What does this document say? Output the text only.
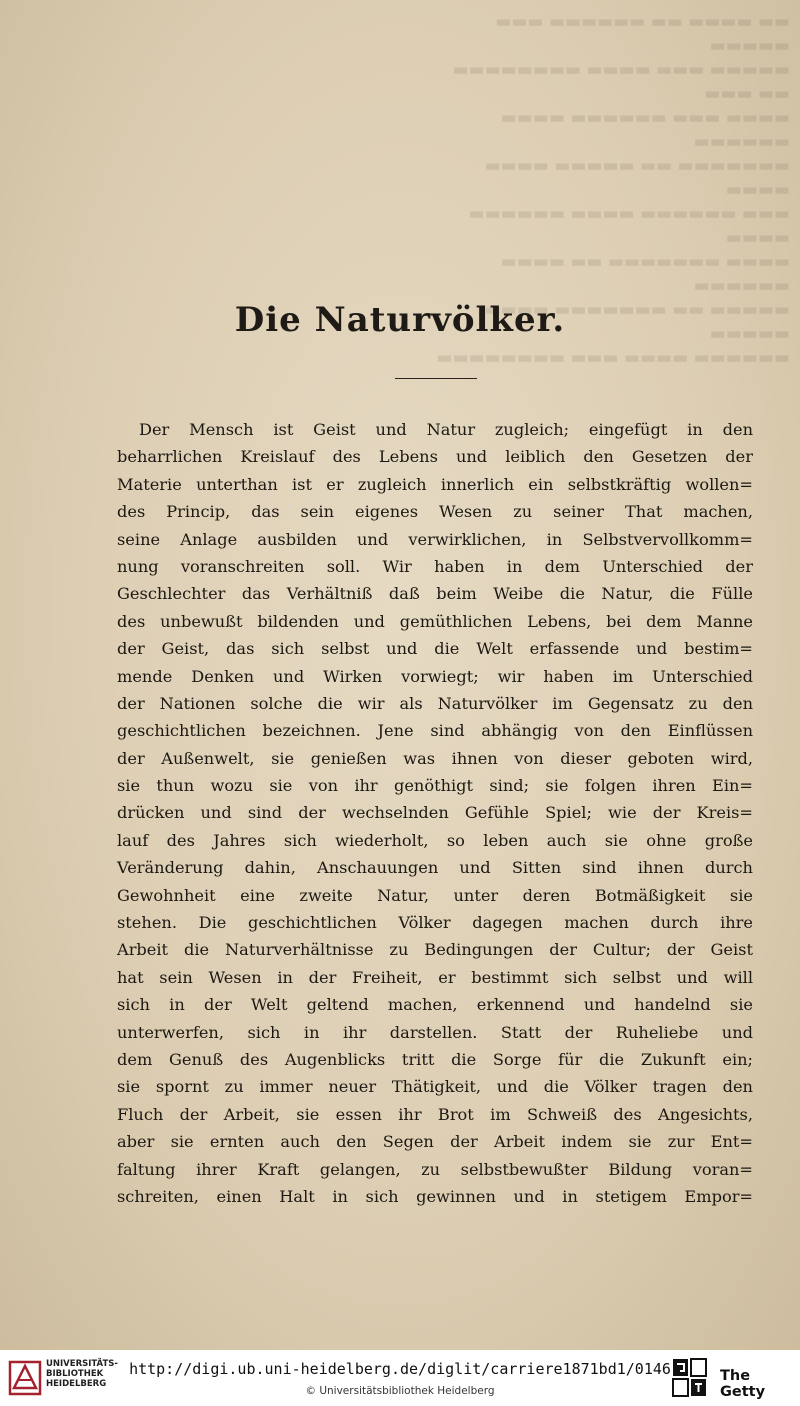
▬▬ ▬▬▬▬ ▬▬ ▬▬▬▬▬▬ ▬▬▬ ▬▬▬▬▬
▬▬▬▬▬ ▬▬▬ ▬▬▬▬ ▬▬▬▬▬▬▬▬ ▬▬ ▬▬▬
▬▬▬▬ ▬▬▬ ▬▬▬▬▬▬ ▬▬▬▬ ▬▬▬▬▬▬
▬▬▬▬▬▬▬ ▬▬ ▬▬▬▬▬ ▬▬▬▬ ▬▬▬▬
▬▬▬ ▬▬▬▬▬▬ ▬▬▬▬ ▬▬▬▬▬▬ ▬▬▬▬
▬▬▬▬ ▬▬▬▬▬▬▬ ▬▬ ▬▬▬▬ ▬▬▬▬▬▬
▬▬▬▬▬ ▬▬ ▬▬▬▬▬▬▬ ▬▬▬▬ ▬▬▬▬▬
▬▬▬▬▬▬ ▬▬▬▬ ▬▬▬ ▬▬▬▬▬▬▬▬
Die Naturvölker.
Der Mensch ist Geist und Natur zugleich; eingefügt in den
beharrlichen Kreislauf des Lebens und leiblich den Gesetzen der
Materie unterthan ist er zugleich innerlich ein selbstkräftig wollen=
des Princip, das sein eigenes Wesen zu seiner That machen,
seine Anlage ausbilden und verwirklichen, in Selbstvervollkomm=
nung voranschreiten soll. Wir haben in dem Unterschied der
Geschlechter das Verhältniß daß beim Weibe die Natur, die Fülle
des unbewußt bildenden und gemüthlichen Lebens, bei dem Manne
der Geist, das sich selbst und die Welt erfassende und bestim=
mende Denken und Wirken vorwiegt; wir haben im Unterschied
der Nationen solche die wir als Naturvölker im Gegensatz zu den
geschichtlichen bezeichnen. Jene sind abhängig von den Einflüssen
der Außenwelt, sie genießen was ihnen von dieser geboten wird,
sie thun wozu sie von ihr genöthigt sind; sie folgen ihren Ein=
drücken und sind der wechselnden Gefühle Spiel; wie der Kreis=
lauf des Jahres sich wiederholt, so leben auch sie ohne große
Veränderung dahin, Anschauungen und Sitten sind ihnen durch
Gewohnheit eine zweite Natur, unter deren Botmäßigkeit sie
stehen. Die geschichtlichen Völker dagegen machen durch ihre
Arbeit die Naturverhältnisse zu Bedingungen der Cultur; der Geist
hat sein Wesen in der Freiheit, er bestimmt sich selbst und will
sich in der Welt geltend machen, erkennend und handelnd sie
unterwerfen, sich in ihr darstellen. Statt der Ruheliebe und
dem Genuß des Augenblicks tritt die Sorge für die Zukunft ein;
sie spornt zu immer neuer Thätigkeit, und die Völker tragen den
Fluch der Arbeit, sie essen ihr Brot im Schweiß des Angesichts,
aber sie ernten auch den Segen der Arbeit indem sie zur Ent=
faltung ihrer Kraft gelangen, zu selbstbewußter Bildung voran=
schreiten, einen Halt in sich gewinnen und in stetigem Empor=
UNIVERSITÄTS-
BIBLIOTHEK
HEIDELBERG
http://digi.ub.uni-heidelberg.de/diglit/carriere1871bd1/0146
© Universitätsbibliothek Heidelberg
The Getty
